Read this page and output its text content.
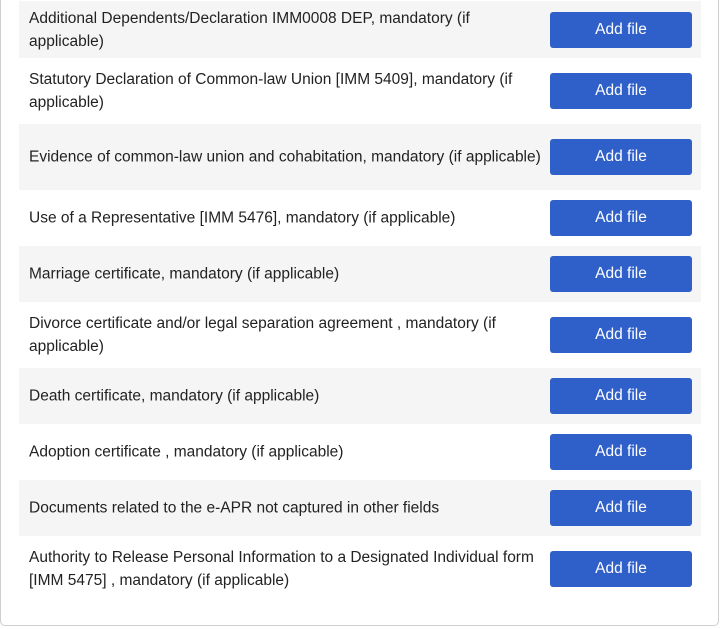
Additional Dependents/Declaration IMM0008 DEP, mandatory (if applicable)
Add file
Statutory Declaration of Common-law Union [IMM 5409], mandatory (if applicable)
Add file
Evidence of common-law union and cohabitation, mandatory (if applicable)	Add file
Use of a Representative [IMM 5476], mandatory (if applicable)	Add file
Marriage certificate, mandatory (if applicable)	Add file
Divorce certificate and/or legal separation agreement , mandatory (if applicable)
Add file
Death certificate, mandatory (if applicable)	Add file
Adoption certificate , mandatory (if applicable)	Add file
Documents related to the e-APR not captured in other fields	Add file
Authority to Release Personal Information to a Designated Individual form [IMM 5475] , mandatory (if applicable)
Add file
